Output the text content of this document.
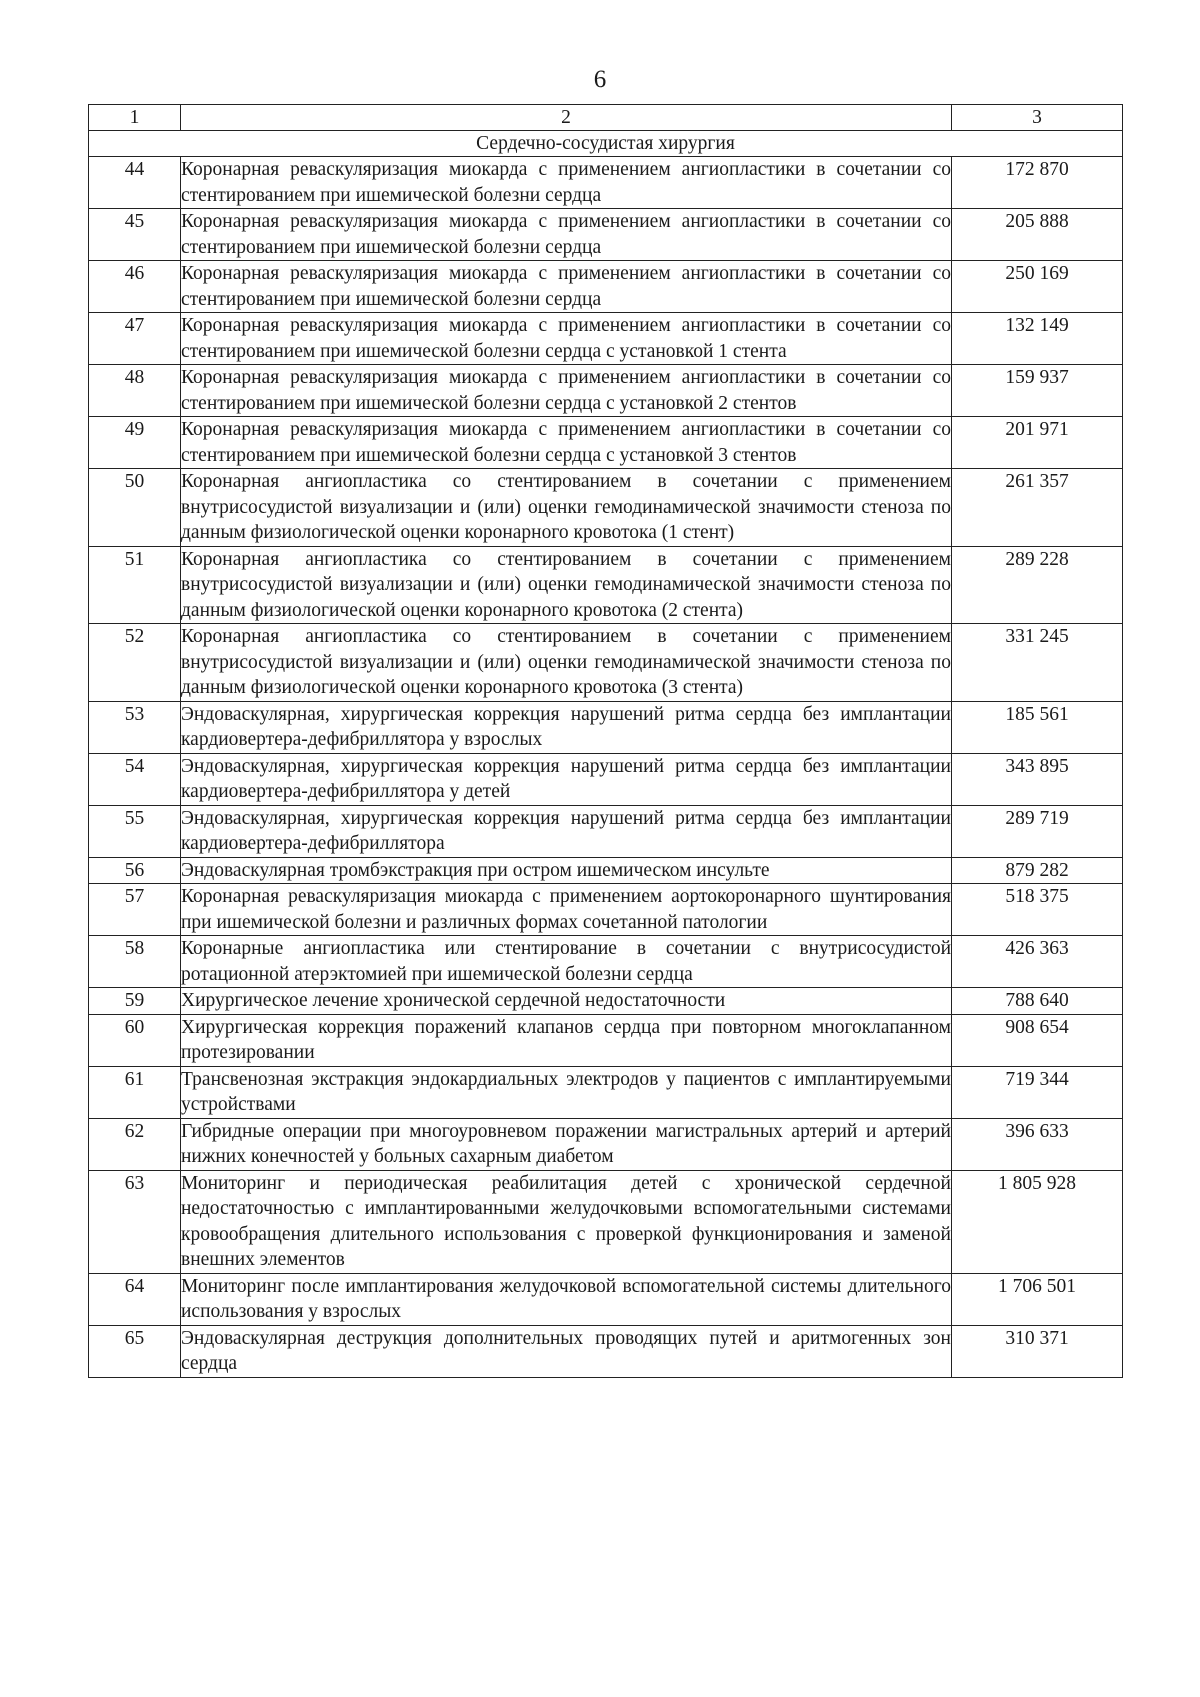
6
1	2	3
Сердечно-сосудистая хирургия		
44	Коронарная реваскуляризация миокарда с применением ангиопластики в сочетании со стентированием при ишемической болезни сердца	172 870
45	Коронарная реваскуляризация миокарда с применением ангиопластики в сочетании со стентированием при ишемической болезни сердца	205 888
46	Коронарная реваскуляризация миокарда с применением ангиопластики в сочетании со стентированием при ишемической болезни сердца	250 169
47	Коронарная реваскуляризация миокарда с применением ангиопластики в сочетании со стентированием при ишемической болезни сердца с установкой 1 стента	132 149
48	Коронарная реваскуляризация миокарда с применением ангиопластики в сочетании со стентированием при ишемической болезни сердца с установкой 2 стентов	159 937
49	Коронарная реваскуляризация миокарда с применением ангиопластики в сочетании со стентированием при ишемической болезни сердца с установкой 3 стентов	201 971
50	Коронарная ангиопластика со стентированием в сочетании с применением внутрисосудистой визуализации и (или) оценки гемодинамической значимости стеноза по данным физиологической оценки коронарного кровотока (1 стент)	261 357
51	Коронарная ангиопластика со стентированием в сочетании с применением внутрисосудистой визуализации и (или) оценки гемодинамической значимости стеноза по данным физиологической оценки коронарного кровотока (2 стента)	289 228
52	Коронарная ангиопластика со стентированием в сочетании с применением внутрисосудистой визуализации и (или) оценки гемодинамической значимости стеноза по данным физиологической оценки коронарного кровотока (3 стента)	331 245
53	Эндоваскулярная, хирургическая коррекция нарушений ритма сердца без имплантации кардиовертера-дефибриллятора у взрослых	185 561
54	Эндоваскулярная, хирургическая коррекция нарушений ритма сердца без имплантации кардиовертера-дефибриллятора у детей	343 895
55	Эндоваскулярная, хирургическая коррекция нарушений ритма сердца без имплантации кардиовертера-дефибриллятора	289 719
56	Эндоваскулярная тромбэкстракция при остром ишемическом инсульте	879 282
57	Коронарная реваскуляризация миокарда с применением аортокоронарного шунтирования при ишемической болезни и различных формах сочетанной патологии	518 375
58	Коронарные ангиопластика или стентирование в сочетании с внутрисосудистой ротационной атерэктомией при ишемической болезни сердца	426 363
59	Хирургическое лечение хронической сердечной недостаточности	788 640
60	Хирургическая коррекция поражений клапанов сердца при повторном многоклапанном протезировании	908 654
61	Трансвенозная экстракция эндокардиальных электродов у пациентов с имплантируемыми устройствами	719 344
62	Гибридные операции при многоуровневом поражении магистральных артерий и артерий нижних конечностей у больных сахарным диабетом	396 633
63	Мониторинг и периодическая реабилитация детей с хронической сердечной недостаточностью с имплантированными желудочковыми вспомогательными системами кровообращения длительного использования с проверкой функционирования и заменой внешних элементов	1 805 928
64	Мониторинг после имплантирования желудочковой вспомогательной системы длительного использования у взрослых	1 706 501
65	Эндоваскулярная деструкция дополнительных проводящих путей и аритмогенных зон сердца	310 371
